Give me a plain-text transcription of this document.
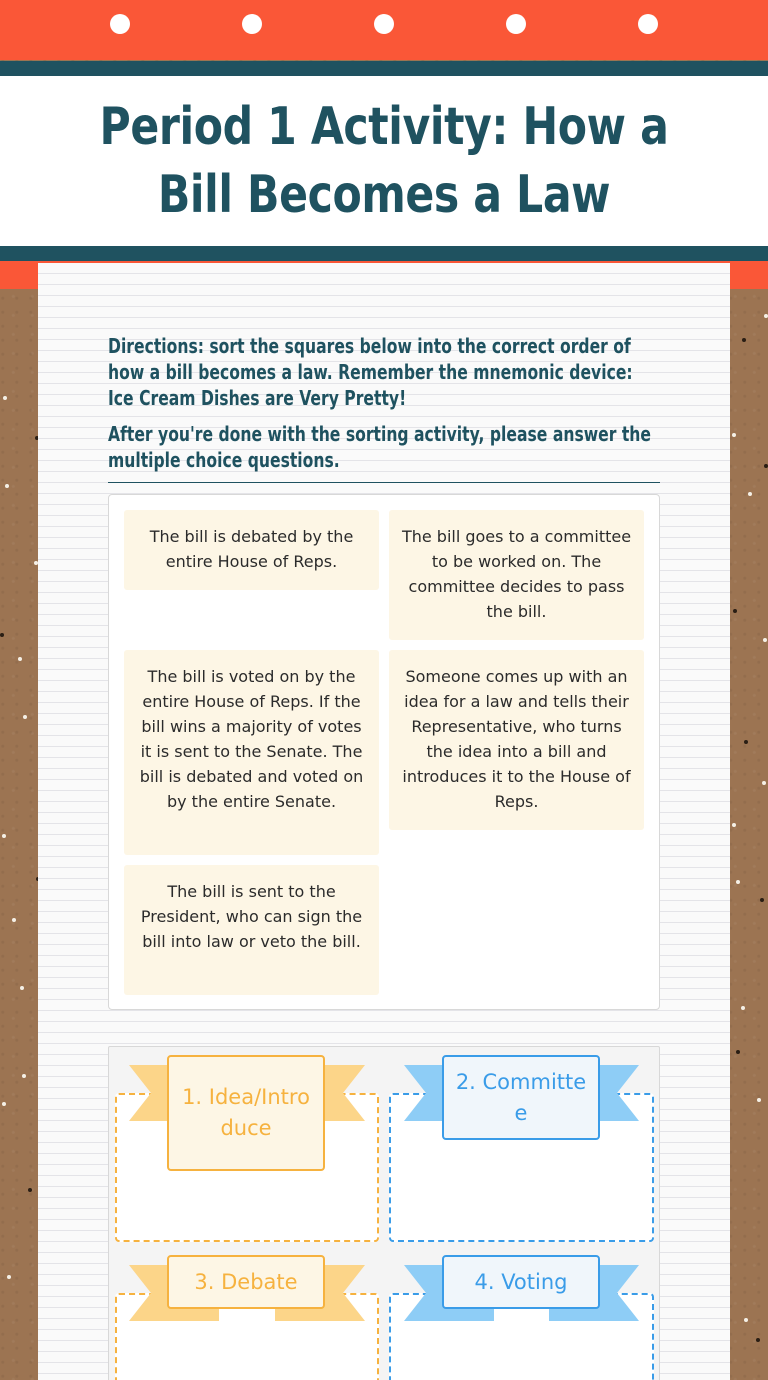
Period 1 Activity: How a Bill Becomes a Law

Directions: sort the squares below into the correct order of how a bill becomes a law. Remember the mnemonic device: Ice Cream Dishes are Very Pretty!

After you're done with the sorting activity, please answer the multiple choice questions.

The bill is debated by the entire House of Reps.
The bill goes to a committee to be worked on. The committee decides to pass the bill.
The bill is voted on by the entire House of Reps. If the bill wins a majority of votes it is sent to the Senate. The bill is debated and voted on by the entire Senate.
Someone comes up with an idea for a law and tells their Representative, who turns the idea into a bill and introduces it to the House of Reps.
The bill is sent to the President, who can sign the bill into law or veto the bill.
1. Idea/Introduce
2. Committee
3. Debate	4. Voting
